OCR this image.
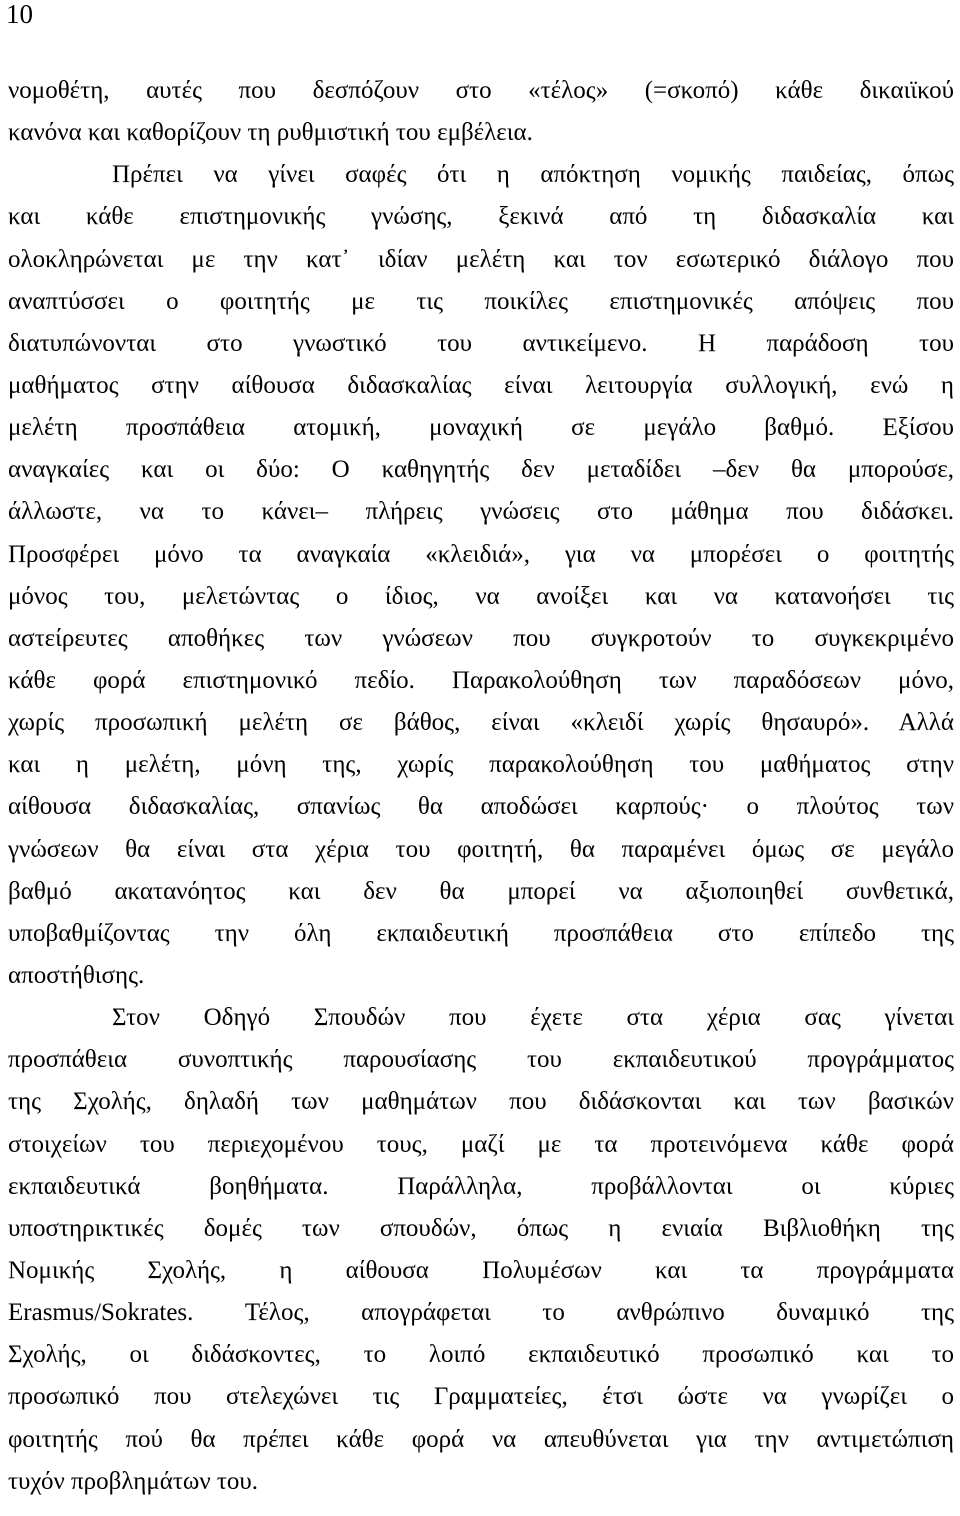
10
νομοθέτη, αυτές που δεσπόζουν στο «τέλος» (=σκοπό) κάθε δικαιϊκού
κανόνα και καθορίζουν τη ρυθμιστική του εμβέλεια.
Πρέπει να γίνει σαφές ότι η απόκτηση νομικής παιδείας, όπως
και κάθε επιστημονικής γνώσης, ξεκινά από τη διδασκαλία και
ολοκληρώνεται με την κατ᾽ ιδίαν μελέτη και τον εσωτερικό διάλογο που
αναπτύσσει ο φοιτητής με τις ποικίλες επιστημονικές απόψεις που
διατυπώνονται στο γνωστικό του αντικείμενο. Η παράδοση του
μαθήματος στην αίθουσα διδασκαλίας είναι λειτουργία συλλογική, ενώ η
μελέτη προσπάθεια ατομική, μοναχική σε μεγάλο βαθμό. Εξίσου
αναγκαίες και οι δύο: Ο καθηγητής δεν μεταδίδει –δεν θα μπορούσε,
άλλωστε, να το κάνει– πλήρεις γνώσεις στο μάθημα που διδάσκει.
Προσφέρει μόνο τα αναγκαία «κλειδιά», για να μπορέσει ο φοιτητής
μόνος του, μελετώντας ο ίδιος, να ανοίξει και να κατανοήσει τις
αστείρευτες αποθήκες των γνώσεων που συγκροτούν το συγκεκριμένο
κάθε φορά επιστημονικό πεδίο. Παρακολούθηση των παραδόσεων μόνο,
χωρίς προσωπική μελέτη σε βάθος, είναι «κλειδί χωρίς θησαυρό». Αλλά
και η μελέτη, μόνη της, χωρίς παρακολούθηση του μαθήματος στην
αίθουσα διδασκαλίας, σπανίως θα αποδώσει καρπούς· ο πλούτος των
γνώσεων θα είναι στα χέρια του φοιτητή, θα παραμένει όμως σε μεγάλο
βαθμό ακατανόητος και δεν θα μπορεί να αξιοποιηθεί συνθετικά,
υποβαθμίζοντας την όλη εκπαιδευτική προσπάθεια στο επίπεδο της
αποστήθισης.
Στον Οδηγό Σπουδών που έχετε στα χέρια σας γίνεται
προσπάθεια συνοπτικής παρουσίασης του εκπαιδευτικού προγράμματος
της Σχολής, δηλαδή των μαθημάτων που διδάσκονται και των βασικών
στοιχείων του περιεχομένου τους, μαζί με τα προτεινόμενα κάθε φορά
εκπαιδευτικά βοηθήματα. Παράλληλα, προβάλλονται οι κύριες
υποστηρικτικές δομές των σπουδών, όπως η ενιαία Βιβλιοθήκη της
Νομικής Σχολής, η αίθουσα Πολυμέσων και τα προγράμματα
Erasmus/Sokrates. Τέλος, απογράφεται το ανθρώπινο δυναμικό της
Σχολής, οι διδάσκοντες, το λοιπό εκπαιδευτικό προσωπικό και το
προσωπικό που στελεχώνει τις Γραμματείες, έτσι ώστε να γνωρίζει ο
φοιτητής πού θα πρέπει κάθε φορά να απευθύνεται για την αντιμετώπιση
τυχόν προβλημάτων του.
